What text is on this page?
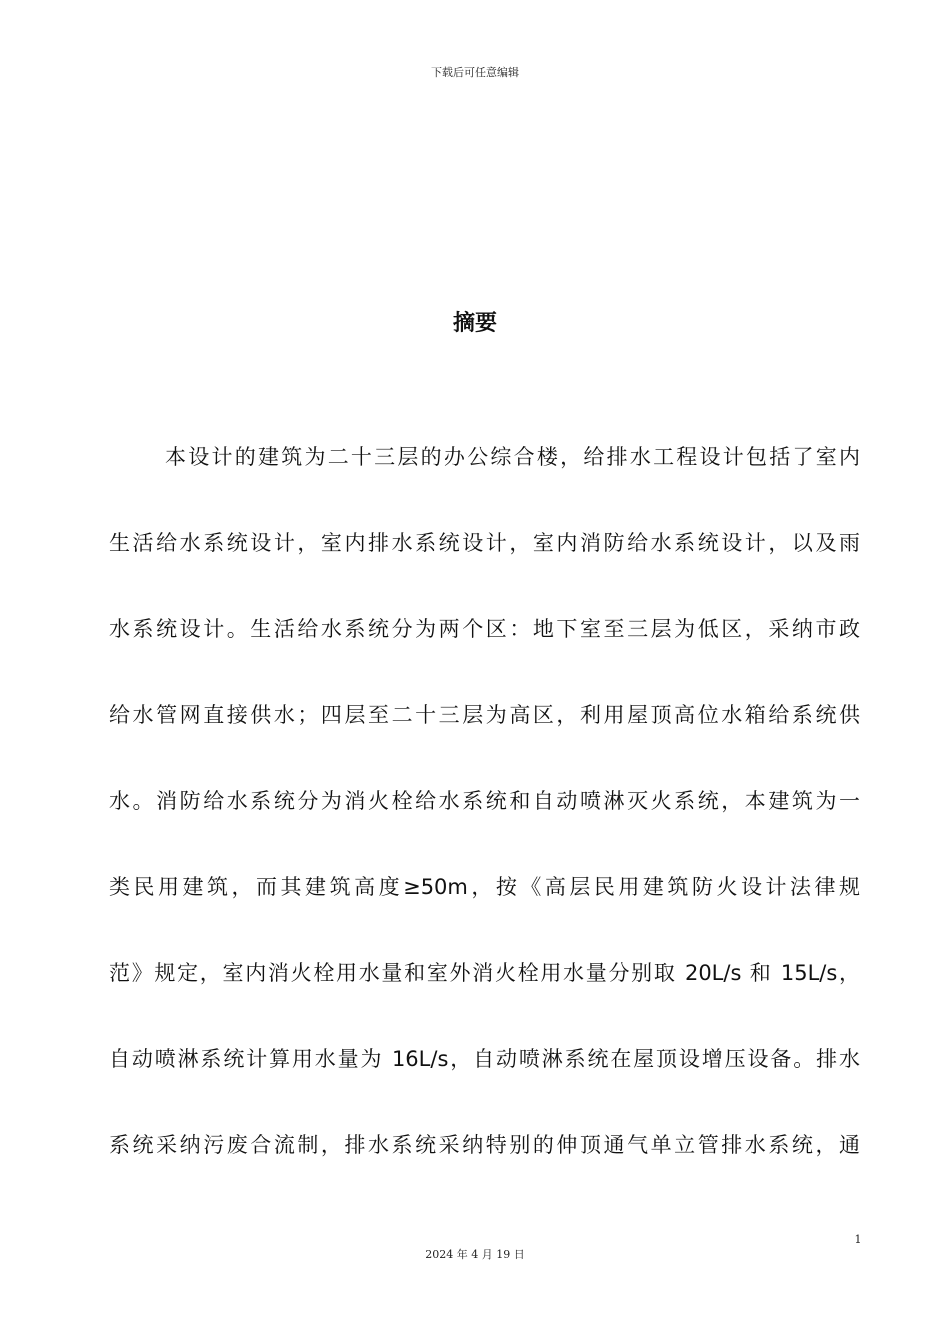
下载后可任意编辑
摘要
本设计的建筑为二十三层的办公综合楼，给排水工程设计包括了室内
生活给水系统设计，室内排水系统设计，室内消防给水系统设计，以及雨
水系统设计。生活给水系统分为两个区：地下室至三层为低区，采纳市政
给水管网直接供水；四层至二十三层为高区，利用屋顶高位水箱给系统供
水。消防给水系统分为消火栓给水系统和自动喷淋灭火系统，本建筑为一
类民用建筑，而其建筑高度≥50m，按《高层民用建筑防火设计法律规
范》规定，室内消火栓用水量和室外消火栓用水量分别取 20L/s 和 15L/s，
自动喷淋系统计算用水量为 16L/s，自动喷淋系统在屋顶设增压设备。排水
系统采纳污废合流制，排水系统采纳特别的伸顶通气单立管排水系统，通
1
2024 年 4 月 19 日
